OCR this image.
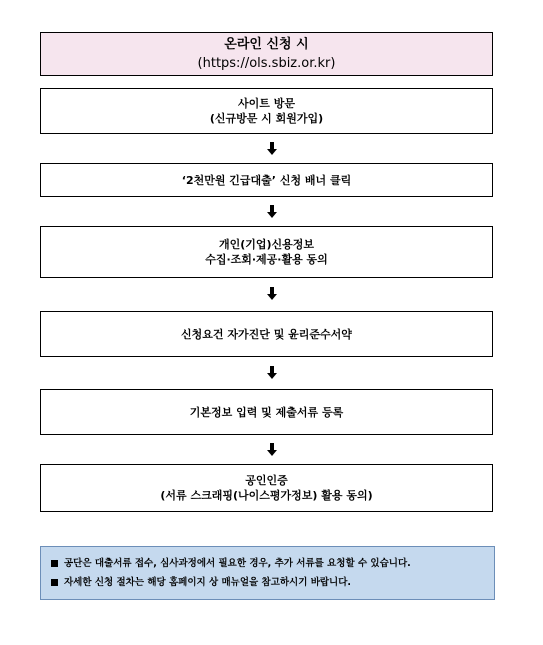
온라인 신청 시
(https://ols.sbiz.or.kr)
사이트 방문
(신규방문 시 회원가입)
‘2천만원 긴급대출’ 신청 배너 클릭
개인(기업)신용정보
수집·조회·제공·활용 동의
신청요건 자가진단 및 윤리준수서약
기본정보 입력 및 제출서류 등록
공인인증
(서류 스크래핑(나이스평가정보) 활용 동의)
공단은 대출서류 접수, 심사과정에서 필요한 경우, 추가 서류를 요청할 수 있습니다.
자세한 신청 절차는 해당 홈페이지 상 매뉴얼을 참고하시기 바랍니다.
